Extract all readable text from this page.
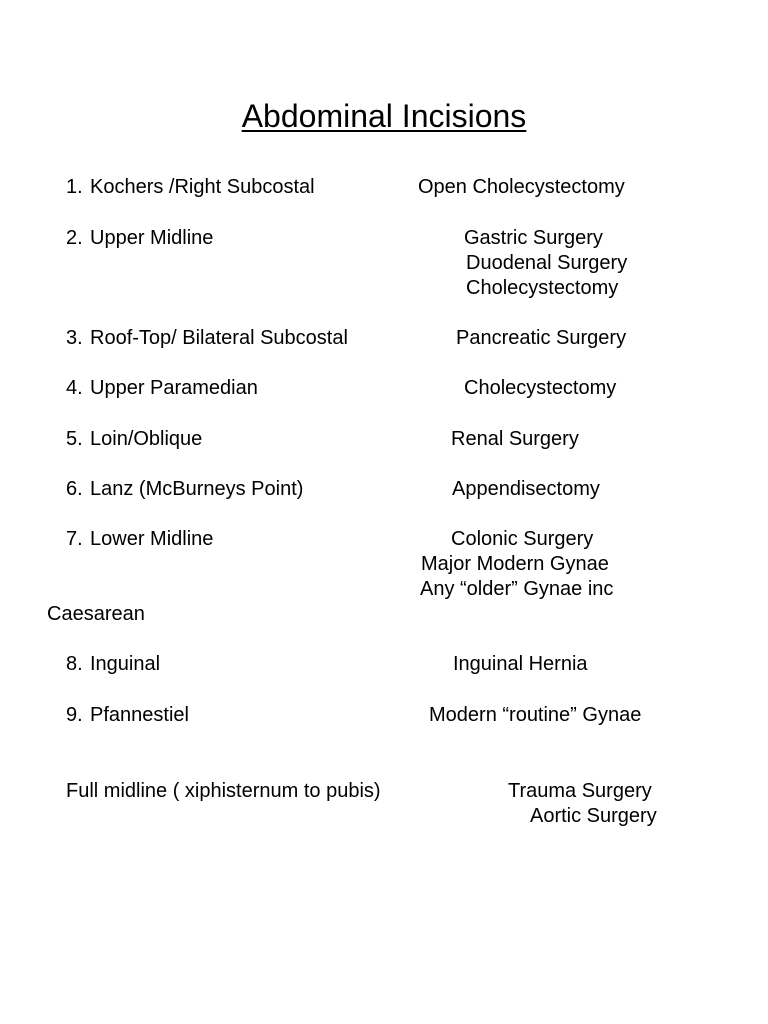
Abdominal Incisions
1. Kochers /Right Subcostal	Open Cholecystectomy
2. Upper Midline	Gastric Surgery
Duodenal Surgery
Cholecystectomy
3. Roof-Top/ Bilateral Subcostal	Pancreatic Surgery
4. Upper Paramedian	Cholecystectomy
5. Loin/Oblique	Renal Surgery
6. Lanz (McBurneys Point)	Appendisectomy
7. Lower Midline	Colonic Surgery
Major Modern Gynae
Any “older” Gynae inc
Caesarean
8. Inguinal	Inguinal Hernia
9. Pfannestiel	Modern “routine” Gynae
Full midline ( xiphisternum to pubis)	Trauma Surgery
Aortic Surgery
